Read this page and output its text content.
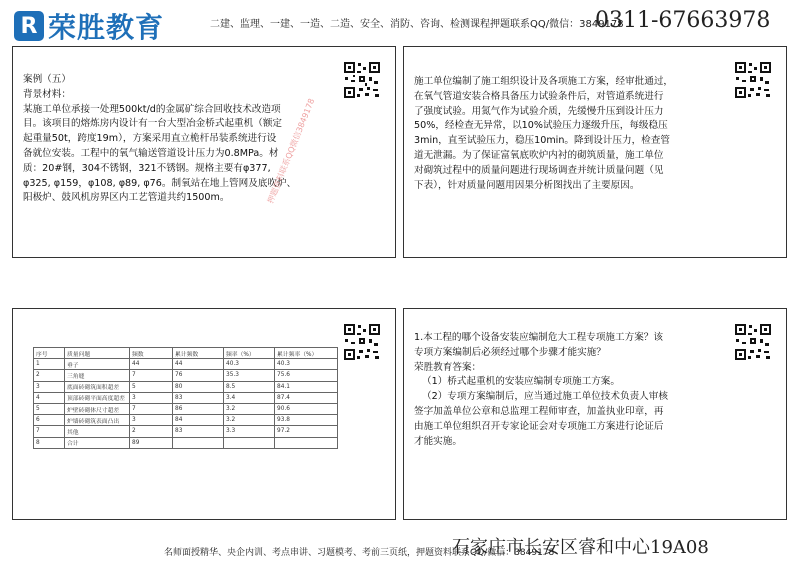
R 荣胜教育	二建、监理、一建、一造、二造、安全、消防、咨询、检测课程押题联系QQ/微信：3849178
0311-67663978

案例（五）

背景材料：

某施工单位承接一处理500kt/d的金属矿综合回收技术改造项

目。该项目的熔炼房内设计有一台大型冶金桥式起重机（额定

起重量50t，跨度19m），方案采用直立桅杆吊装系统进行设

备就位安装。工程中的氧气输送管道设计压力为0.8MPa。材

质：20#钢，304不锈钢，321不锈钢。规格主要有φ377,

φ325, φ159，φ108, φ89, φ76。制氧站在地上管网及底吹炉、

阳极炉、鼓风机房界区内工艺管道共约1500m。	押题资料联系QQ微信3849178

施工单位编制了施工组织设计及各项施工方案，经审批通过，

在氧气管道安装合格具备压力试验条件后，对管道系统进行

了强度试验。用氮气作为试验介质，先缓慢升压到设计压力

50%，经检查无异常，以10%试验压力逐级升压，每级稳压

3min，直至试验压力，稳压10min。降到设计压力，检查管

道无泄漏。为了保证富氧底吹炉内衬的砌筑质量，施工单位

对砌筑过程中的质量问题进行现场调查并统计质量问题（见

下表），针对质量问题用因果分析图找出了主要原因。

序号	质量问题	频数	累计频数	频率（%）	累计频率（%）
1	垂子	44	44	40.3	40.3
2	三角缝	7	76	35.3	75.6
3	底面砖砌筑面积超差	5	80	8.5	84.1
4	顶部砖砌平面高度超差	3	83	3.4	87.4
5	炉壁砖砌体尺寸超差	7	86	3.2	90.6
6	炉墙砖砌筑表面凸出	3	84	3.2	93.8
7	其他	2	83	3.3	97.2
8	合计	89			

1.本工程的哪个设备安装应编制危大工程专项施工方案？该

专项方案编制后必须经过哪个步骤才能实施？

荣胜教育答案：

（1）桥式起重机的安装应编制专项施工方案。

（2）专项方案编制后，应当通过施工单位技术负责人审核

签字加盖单位公章和总监理工程师审查，加盖执业印章，再

由施工单位组织召开专家论证会对专项施工方案进行论证后

才能实施。

名师面授精华、央企内训、考点串讲、习题模考、考前三页纸，押题资料联系QQ/微信：3849178
石家庄市长安区睿和中心19A08
